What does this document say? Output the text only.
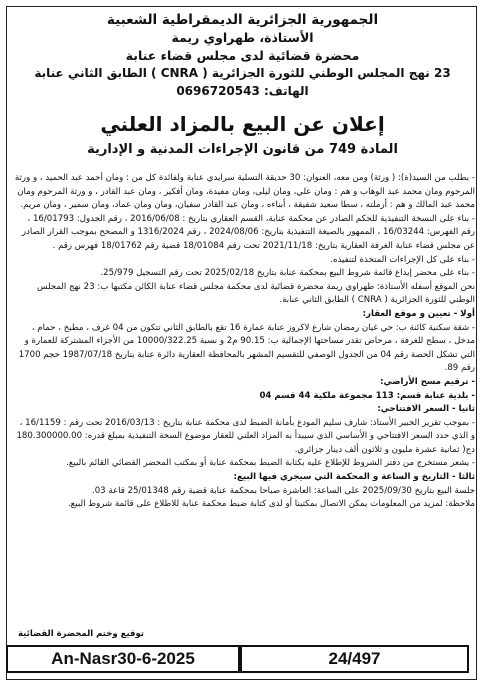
الجمهورية الجزائرية الديمقراطية الشعبية
الأستاذة، طهراوي ريمة
محضرة قضائية لدى مجلس قضاء عنابة
23 نهج المجلس الوطني للثورة الجزائرية ( CNRA ) الطابق الثاني عنابة
الهاتف: 0696720543
إعلان عن البيع بالمزاد العلني
المادة 749 من قانون الإجراءات المدنية و الإدارية

- بطلب من السيد(ة): ( ورثة) ومن معه، العنوان: 30 حديقة التسلية سرايدي عنابة ولفائدة كل من : ومان أحمد عبد الحميد ، و ورثة المرحوم ومان محمد عبد الوهاب و هم : ومان علي، ومان ليلى، ومان مفيدة، ومان أفكير ، ومان عبد القادر ، و ورثة المرحوم ومان محمد عبد المالك و هم : أرملته ، سطا سعيد شفيقة ، أبناءه ، ومان عبد القادر سفيان، ومان ومان عماد، ومان سمير ، ومان مريم.

- بناء على النسخة التنفيذية للحكم الصادر عن محكمة عنابة، القسم العقاري بتاريخ : 2016/06/08 ، رقم الجدول: 16/01793 ، رقم الفهرس: 16/03244 ، الممهور بالصيغة التنفيذية بتاريخ: 2024/08/06 ، رقم 1316/2024 و المصحح بموجب القرار الصادر عن مجلس قضاء عنابة الغرفة العقارية بتاريخ: 2021/11/18 تحت رقم 18/01084 قضية رقم 18/01762 فهرس رقم .

- بناء على كل الإجراءات المتخذة لتنفيذه.

- بناء على محضر إيداع قائمة شروط البيع بمحكمة عنابة بتاريخ 2025/02/18 تحت رقم التسجيل 25/979.

نحن الموقع أسفله الأستاذة: طهراوي ريمة محضرة قضائية لدى محكمة مجلس قضاء عنابة الكائن مكتبها ب: 23 نهج المجلس الوطني للثورة الجزائرية ( CNRA ) الطابق الثاني عنابة.

أولا - تعيين و موقع العقار:

- شقة سكنية كائنة ب: حي غيان رمضان شارع لاكروز عنابة عمارة 16 تقع بالطابق الثاني تتكون من 04 غرف ، مطبخ ، حمام ، مدخل ، سطح للغرفة ، مرحاض تقدر مساحتها الإجمالية ب: 90.15 م2 و نسبة 10000/322.25 من الأجزاء المشتركة للعمارة و التي تشكل الحصة رقم 04 من الجدول الوصفي للتقسيم المشهر بالمحافظة العقارية دائرة عنابة بتاريخ 1987/07/18 حجم 1700 رقم 89.

- ترقيم مسح الأراضي:

- بلدية عنابة قسم: 113 مجموعة ملكية 44 قسم 04

ثانيا - السعر الافتتاحي:

- بموجب تقرير الخبير الأستاذ: شارف سليم المودع بأمانة الضبط لدى محكمة عنابة بتاريخ : 2016/03/13 تحت رقم : 16/1159 ، و الذي حدد السعر الافتتاحي و الأساسي الذي سيبدأ به المزاد العلني للعقار موضوع السخة التنفيذية بمبلغ قدره: 180.300000.00 دج( ثمانية عشرة مليون و ثلاثون ألف دينار جزائري.

- يشعر مستخرج من دفتر الشروط للإطلاع عليه بكتابة الضبط بمحكمة عنابة أو بمكتب المحضر القضائي القائم بالبيع.

ثالثا - التاريخ و الساعة و المحكمة التي سيجري فيها البيع:

جلسة البيع بتاريخ 2025/09/30 على الساعة: العاشرة صباحا بمحكمة عنابة قضية رقم 25/01348 قاعة 03.

ملاحظة: لمزيد من المعلومات يمكن الاتصال بمكتبنا أو لدى كتابة ضبط محكمة عنابة للاطلاع على قائمة شروط البيع.

توقيع وختم المحضرة القضائية
An-Nasr30-6-2025	24/497
